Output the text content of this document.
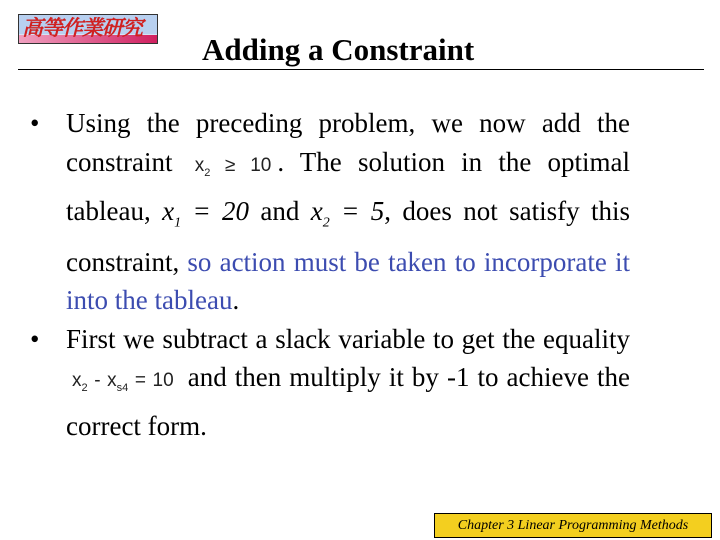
高等作業研究
Adding a Constraint
• Using the preceding problem, we now add the constraint $x_2 \ge 10$ . The solution in the optimal tableau, $x_1 = 20$ and $x_2 = 5$, does not satisfy this constraint, so action must be taken to incorporate it into the tableau.
• First we subtract a slack variable to get the equality $x_2 - x_{s4} = 10$ and then multiply it by -1 to achieve the correct form.
Chapter 3 Linear Programming Methods
